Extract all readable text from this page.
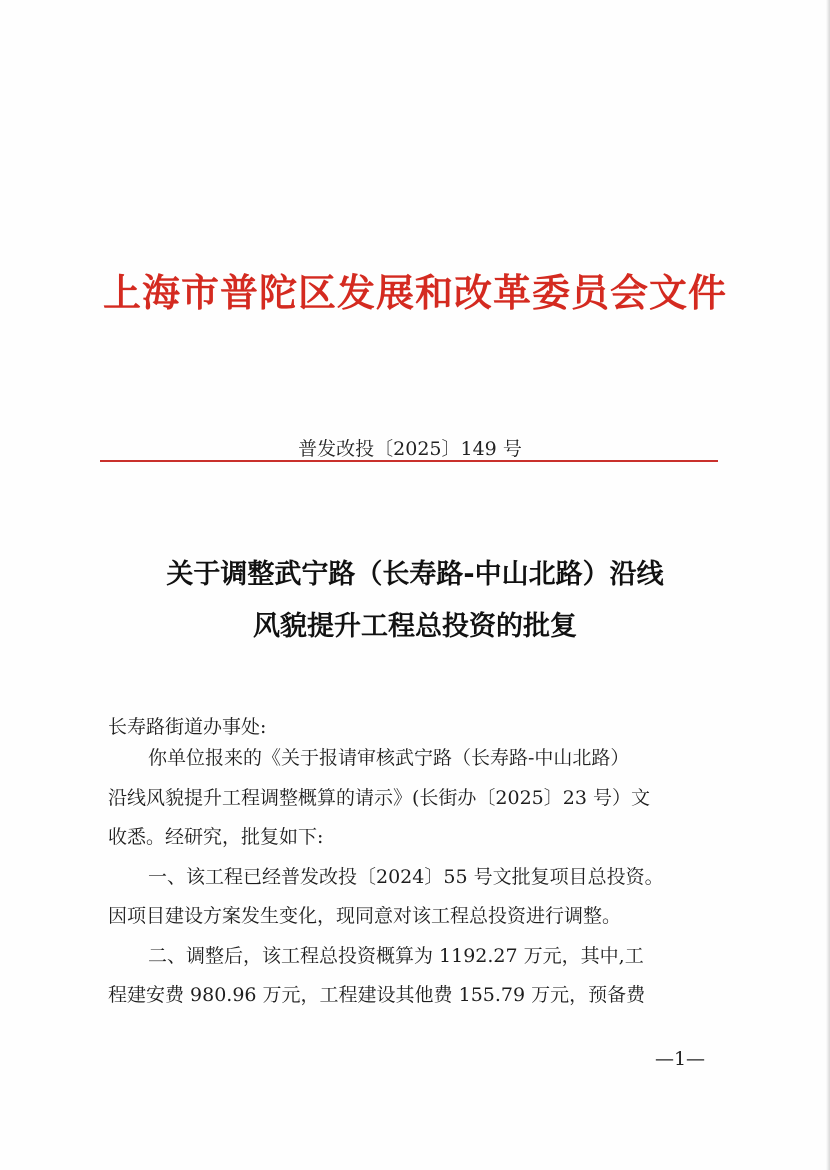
上海市普陀区发展和改革委员会文件
普发改投〔2025〕149 号
关于调整武宁路（长寿路-中山北路）沿线
风貌提升工程总投资的批复
长寿路街道办事处:
你单位报来的《关于报请审核武宁路（长寿路-中山北路）
沿线风貌提升工程调整概算的请示》(长街办〔2025〕23 号）文
收悉。经研究，批复如下:
一、该工程已经普发改投〔2024〕55 号文批复项目总投资。
因项目建设方案发生变化，现同意对该工程总投资进行调整。
二、调整后，该工程总投资概算为 1192.27 万元，其中,工
程建安费 980.96 万元，工程建设其他费 155.79 万元，预备费
—1—
